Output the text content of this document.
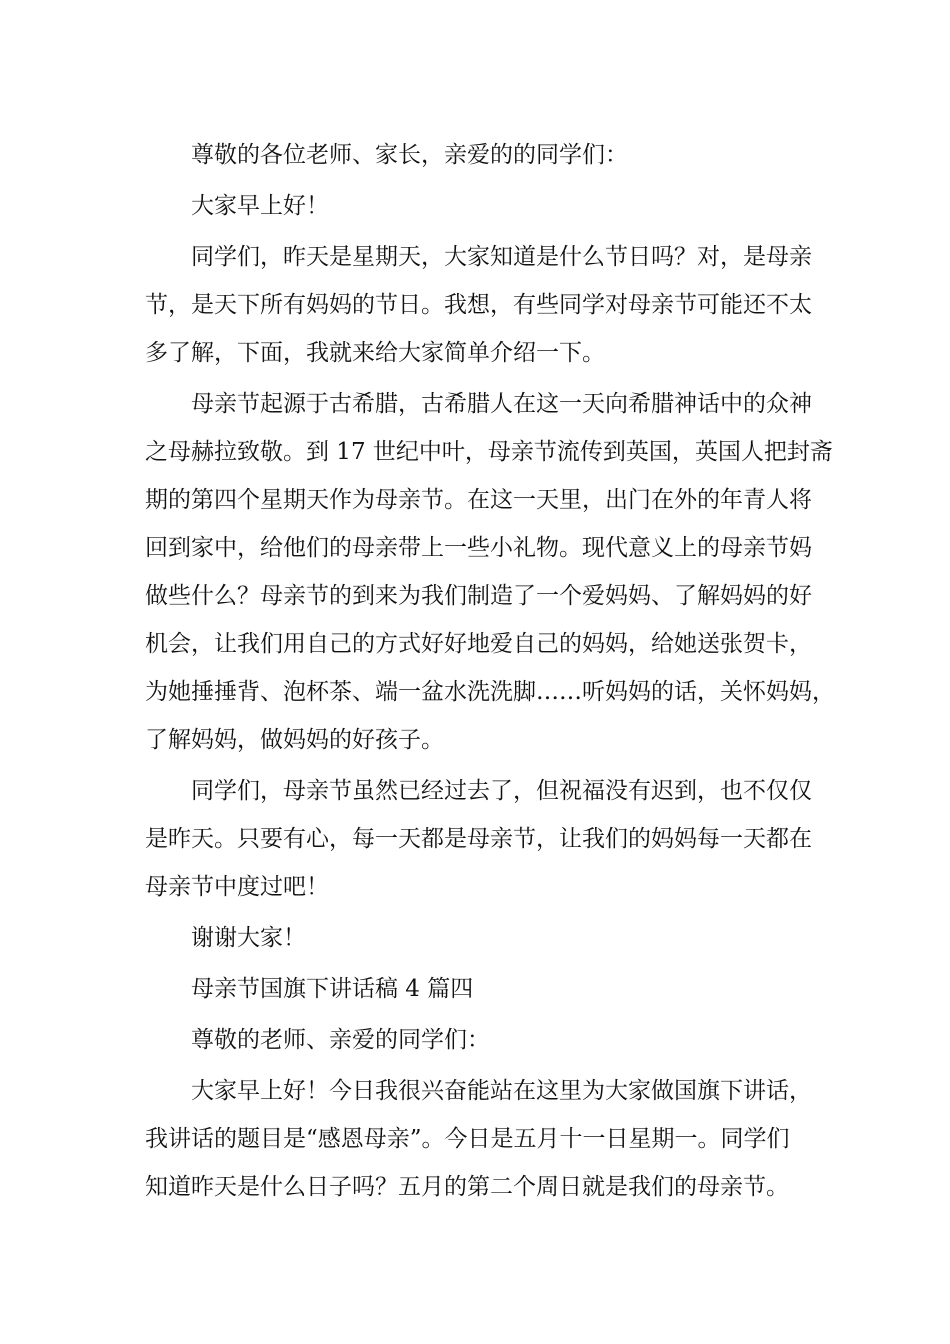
尊敬的各位老师、家长，亲爱的的同学们：
大家早上好！
同学们，昨天是星期天，大家知道是什么节日吗？对，是母亲
节，是天下所有妈妈的节日。我想，有些同学对母亲节可能还不太
多了解，下面，我就来给大家简单介绍一下。
母亲节起源于古希腊，古希腊人在这一天向希腊神话中的众神
之母赫拉致敬。到 17 世纪中叶，母亲节流传到英国，英国人把封斋
期的第四个星期天作为母亲节。在这一天里，出门在外的年青人将
回到家中，给他们的母亲带上一些小礼物。现代意义上的母亲节妈
做些什么？母亲节的到来为我们制造了一个爱妈妈、了解妈妈的好
机会，让我们用自己的方式好好地爱自己的妈妈，给她送张贺卡，
为她捶捶背、泡杯茶、端一盆水洗洗脚……听妈妈的话，关怀妈妈，
了解妈妈，做妈妈的好孩子。
同学们，母亲节虽然已经过去了，但祝福没有迟到，也不仅仅
是昨天。只要有心，每一天都是母亲节，让我们的妈妈每一天都在
母亲节中度过吧！
谢谢大家！
母亲节国旗下讲话稿 4 篇四
尊敬的老师、亲爱的同学们：
大家早上好！今日我很兴奋能站在这里为大家做国旗下讲话，
我讲话的题目是“感恩母亲”。今日是五月十一日星期一。同学们
知道昨天是什么日子吗？五月的第二个周日就是我们的母亲节。
